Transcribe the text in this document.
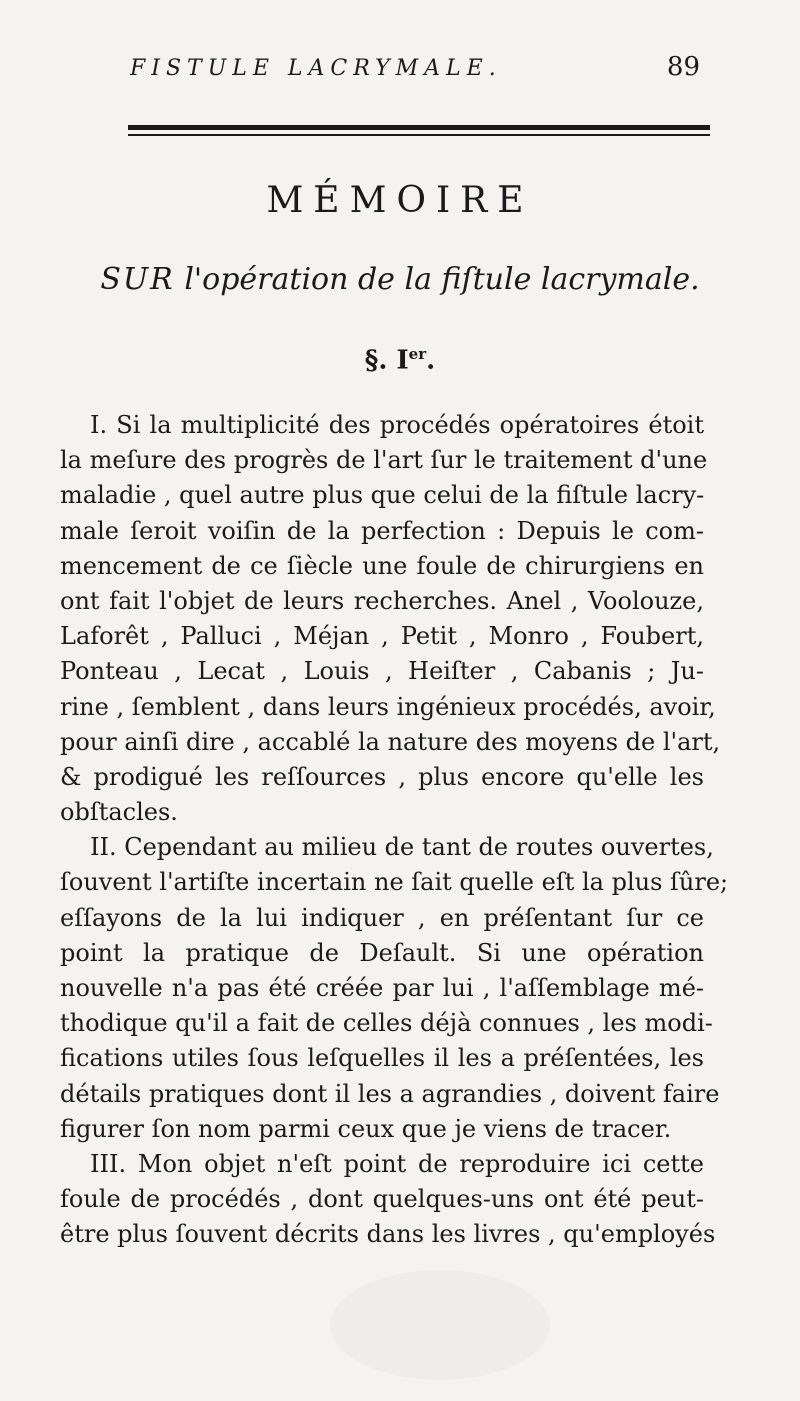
FISTULE LACRYMALE.	89
MÉMOIRE
SUR l'opération de la fiſtule lacrymale.
§. Ier.
I. Si la multiplicité des procédés opératoires étoit
la meſure des progrès de l'art ſur le traitement d'une
maladie , quel autre plus que celui de la fiſtule lacry-
male ſeroit voiſin de la perfection : Depuis le com-
mencement de ce ſiècle une foule de chirurgiens en
ont fait l'objet de leurs recherches. Anel , Voolouze,
Laforêt , Palluci , Méjan , Petit , Monro , Foubert,
Ponteau , Lecat , Louis , Heiſter , Cabanis ; Ju-
rine , ſemblent , dans leurs ingénieux procédés, avoir,
pour ainſi dire , accablé la nature des moyens de l'art,
& prodigué les reſſources , plus encore qu'elle les
obſtacles.
II. Cependant au milieu de tant de routes ouvertes,
ſouvent l'artiſte incertain ne ſait quelle eſt la plus ſûre;
eſſayons de la lui indiquer , en préſentant ſur ce
point la pratique de Deſault. Si une opération
nouvelle n'a pas été créée par lui , l'aſſemblage mé-
thodique qu'il a fait de celles déjà connues , les modi-
fications utiles ſous leſquelles il les a préſentées, les
détails pratiques dont il les a agrandies , doivent faire
figurer ſon nom parmi ceux que je viens de tracer.
III. Mon objet n'eſt point de reproduire ici cette
foule de procédés , dont quelques-uns ont été peut-
être plus ſouvent décrits dans les livres , qu'employés
